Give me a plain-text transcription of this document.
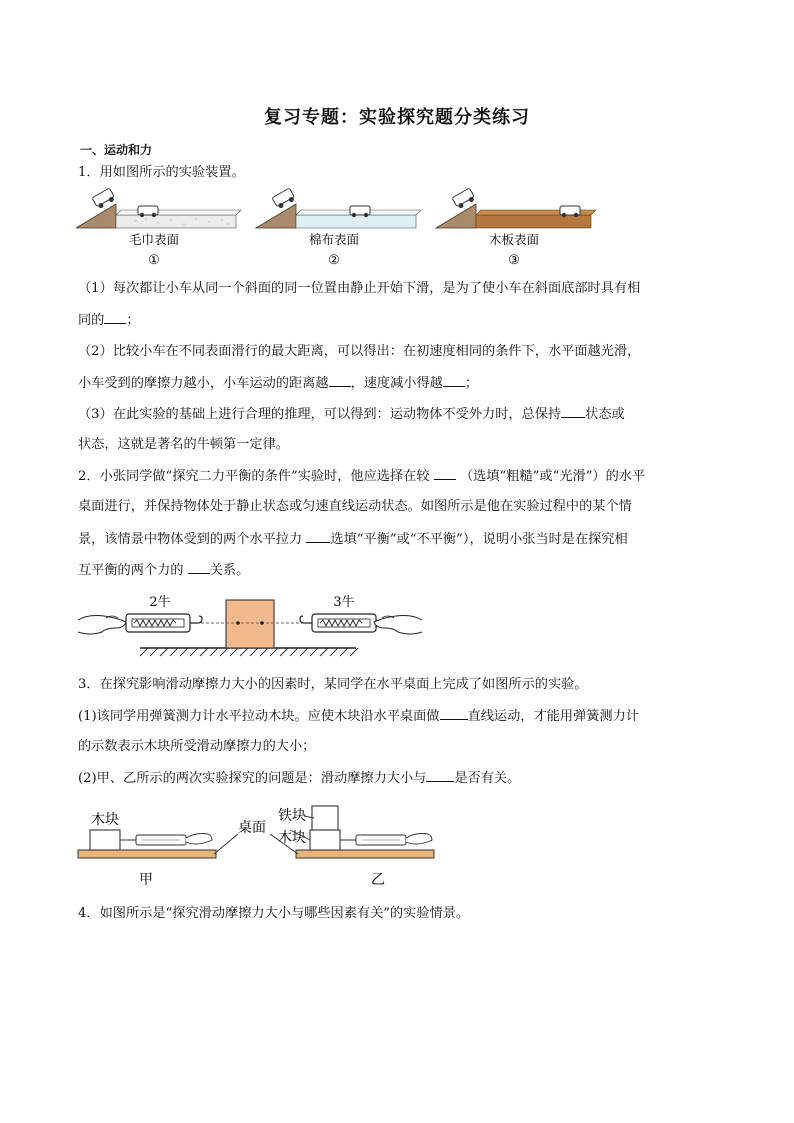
复习专题：实验探究题分类练习
一、运动和力
1．用如图所示的实验装置。
毛巾表面
①
棉布表面
②
木板表面
③
（1）每次都让小车从同一个斜面的同一位置由静止开始下滑，是为了使小车在斜面底部时具有相
同的 ；
（2）比较小车在不同表面滑行的最大距离，可以得出：在初速度相同的条件下，水平面越光滑，
小车受到的摩擦力越小，小车运动的距离越 ，速度减小得越 ；
（3）在此实验的基础上进行合理的推理，可以得到：运动物体不受外力时，总保持 状态或
状态，这就是著名的牛顿第一定律。
2．小张同学做“探究二力平衡的条件”实验时，他应选择在较 （选填“粗糙”或“光滑”）的水平
桌面进行，并保持物体处于静止状态或匀速直线运动状态。如图所示是他在实验过程中的某个情
景，该情景中物体受到的两个水平拉力 选填“平衡”或“不平衡”），说明小张当时是在探究相
互平衡的两个力的 关系。
2牛	3牛
3．在探究影响滑动摩擦力大小的因素时，某同学在水平桌面上完成了如图所示的实验。
(1)该同学用弹簧测力计水平拉动木块。应使木块沿水平桌面做 直线运动，才能用弹簧测力计
的示数表示木块所受滑动摩擦力的大小；
(2)甲、乙所示的两次实验探究的问题是：滑动摩擦力大小与 是否有关。
木块	桌面
铁块
木块
甲	乙
4．如图所示是“探究滑动摩擦力大小与哪些因素有关”的实验情景。
